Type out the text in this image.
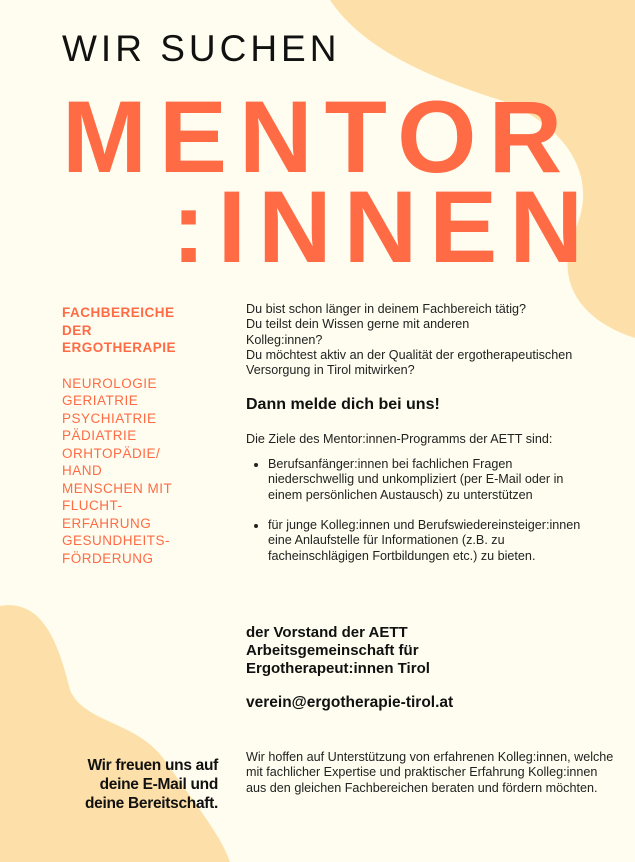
WIR SUCHEN
MENTOR
:INNEN
FACHBEREICHE
DER
ERGOTHERAPIE
NEUROLOGIE
GERIATRIE
PSYCHIATRIE
PÄDIATRIE
ORHTOPÄDIE/
HAND
MENSCHEN MIT
FLUCHT-
ERFAHRUNG
GESUNDHEITS-
FÖRDERUNG

Du bist schon länger in deinem Fachbereich tätig?

Du teilst dein Wissen gerne mit anderen Kolleg:innen?

Du möchtest aktiv an der Qualität der ergotherapeutischen Versorgung in Tirol mitwirken?

Dann melde dich bei uns!

Die Ziele des Mentor:innen-Programms der AETT sind:

• Berufsanfänger:innen bei fachlichen Fragen niederschwellig und unkompliziert (per E-Mail oder in einem persönlichen Austausch) zu unterstützen
• für junge Kolleg:innen und Berufswiedereinsteiger:innen eine Anlaufstelle für Informationen (z.B. zu facheinschlägigen Fortbildungen etc.) zu bieten.
der Vorstand der AETT
Arbeitsgemeinschaft für
Ergotherapeut:innen Tirol
verein@ergotherapie-tirol.at
Wir freuen uns auf
deine E-Mail und
deine Bereitschaft.
Wir hoffen auf Unterstützung von erfahrenen Kolleg:innen, welche mit fachlicher Expertise und praktischer Erfahrung Kolleg:innen aus den gleichen Fachbereichen beraten und fördern möchten.
